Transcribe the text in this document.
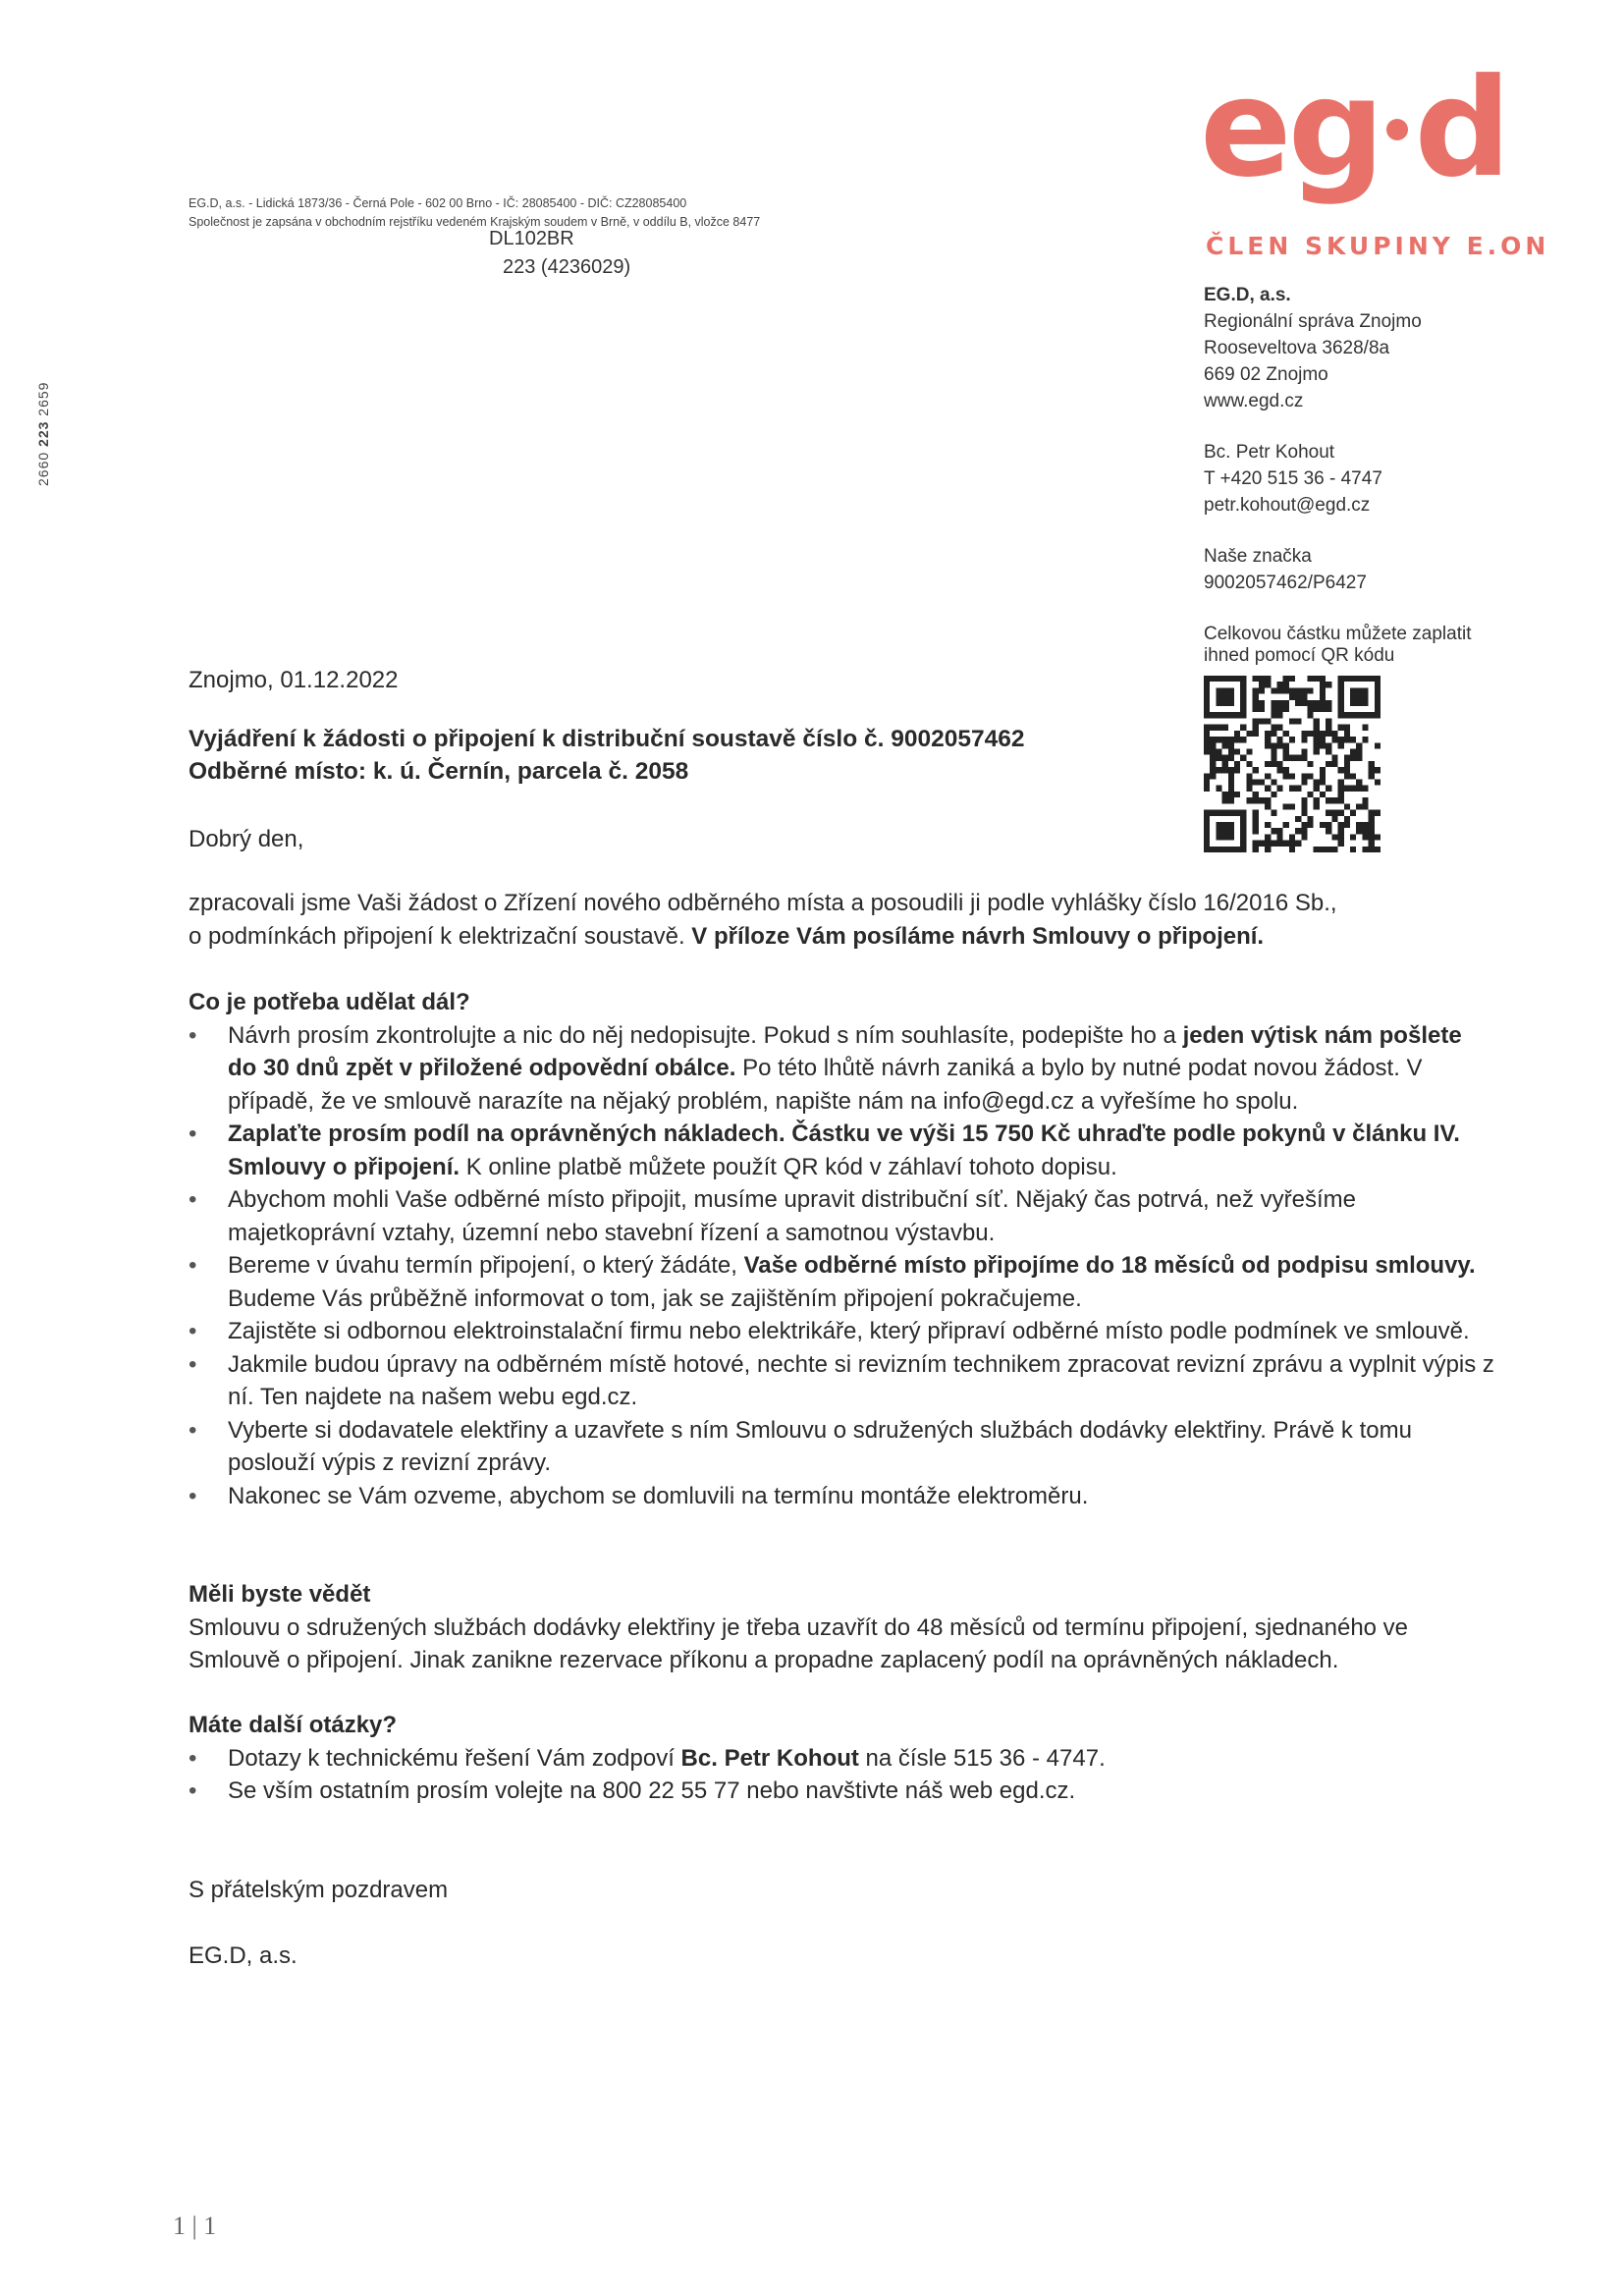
2660 223 2659
EG.D, a.s. - Lidická 1873/36 - Černá Pole - 602 00 Brno - IČ: 28085400 - DIČ: CZ28085400
Společnost je zapsána v obchodním rejstříku vedeném Krajským soudem v Brně, v oddílu B, vložce 8477
DL102BR
223 (4236029)
eg d
ČLEN SKUPINY E.ON
EG.D, a.s.
Regionální správa Znojmo
Rooseveltova 3628/8a
669 02 Znojmo
www.egd.cz
Bc. Petr Kohout
T +420 515 36 - 4747
petr.kohout@egd.cz
Naše značka
9002057462/P6427
Celkovou částku můžete zaplatit
ihned pomocí QR kódu
Znojmo, 01.12.2022
Vyjádření k žádosti o připojení k distribuční soustavě číslo č. 9002057462
Odběrné místo: k. ú. Černín, parcela č. 2058
Dobrý den,
zpracovali jsme Vaši žádost o Zřízení nového odběrného místa a posoudili ji podle vyhlášky číslo 16/2016 Sb.,
o podmínkách připojení k elektrizační soustavě. V příloze Vám posíláme návrh Smlouvy o připojení.
Co je potřeba udělat dál?
• Návrh prosím zkontrolujte a nic do něj nedopisujte. Pokud s ním souhlasíte, podepište ho a jeden výtisk nám pošlete do 30 dnů zpět v přiložené odpovědní obálce. Po této lhůtě návrh zaniká a bylo by nutné podat novou žádost. V případě, že ve smlouvě narazíte na nějaký problém, napište nám na info@egd.cz a vyřešíme ho spolu.
• Zaplaťte prosím podíl na oprávněných nákladech. Částku ve výši 15 750 Kč uhraďte podle pokynů v článku IV. Smlouvy o připojení. K online platbě můžete použít QR kód v záhlaví tohoto dopisu.
• Abychom mohli Vaše odběrné místo připojit, musíme upravit distribuční síť. Nějaký čas potrvá, než vyřešíme majetkoprávní vztahy, územní nebo stavební řízení a samotnou výstavbu.
• Bereme v úvahu termín připojení, o který žádáte, Vaše odběrné místo připojíme do 18 měsíců od podpisu smlouvy. Budeme Vás průběžně informovat o tom, jak se zajištěním připojení pokračujeme.
• Zajistěte si odbornou elektroinstalační firmu nebo elektrikáře, který připraví odběrné místo podle podmínek ve smlouvě.
• Jakmile budou úpravy na odběrném místě hotové, nechte si revizním technikem zpracovat revizní zprávu a vyplnit výpis z ní. Ten najdete na našem webu egd.cz.
• Vyberte si dodavatele elektřiny a uzavřete s ním Smlouvu o sdružených službách dodávky elektřiny. Právě k tomu poslouží výpis z revizní zprávy.
• Nakonec se Vám ozveme, abychom se domluvili na termínu montáže elektroměru.
Měli byste vědět
Smlouvu o sdružených službách dodávky elektřiny je třeba uzavřít do 48 měsíců od termínu připojení, sjednaného ve Smlouvě o připojení. Jinak zanikne rezervace příkonu a propadne zaplacený podíl na oprávněných nákladech.
Máte další otázky?
• Dotazy k technickému řešení Vám zodpoví Bc. Petr Kohout na čísle 515 36 - 4747.
• Se vším ostatním prosím volejte na 800 22 55 77 nebo navštivte náš web egd.cz.
S přátelským pozdravem
EG.D, a.s.
1 | 1
